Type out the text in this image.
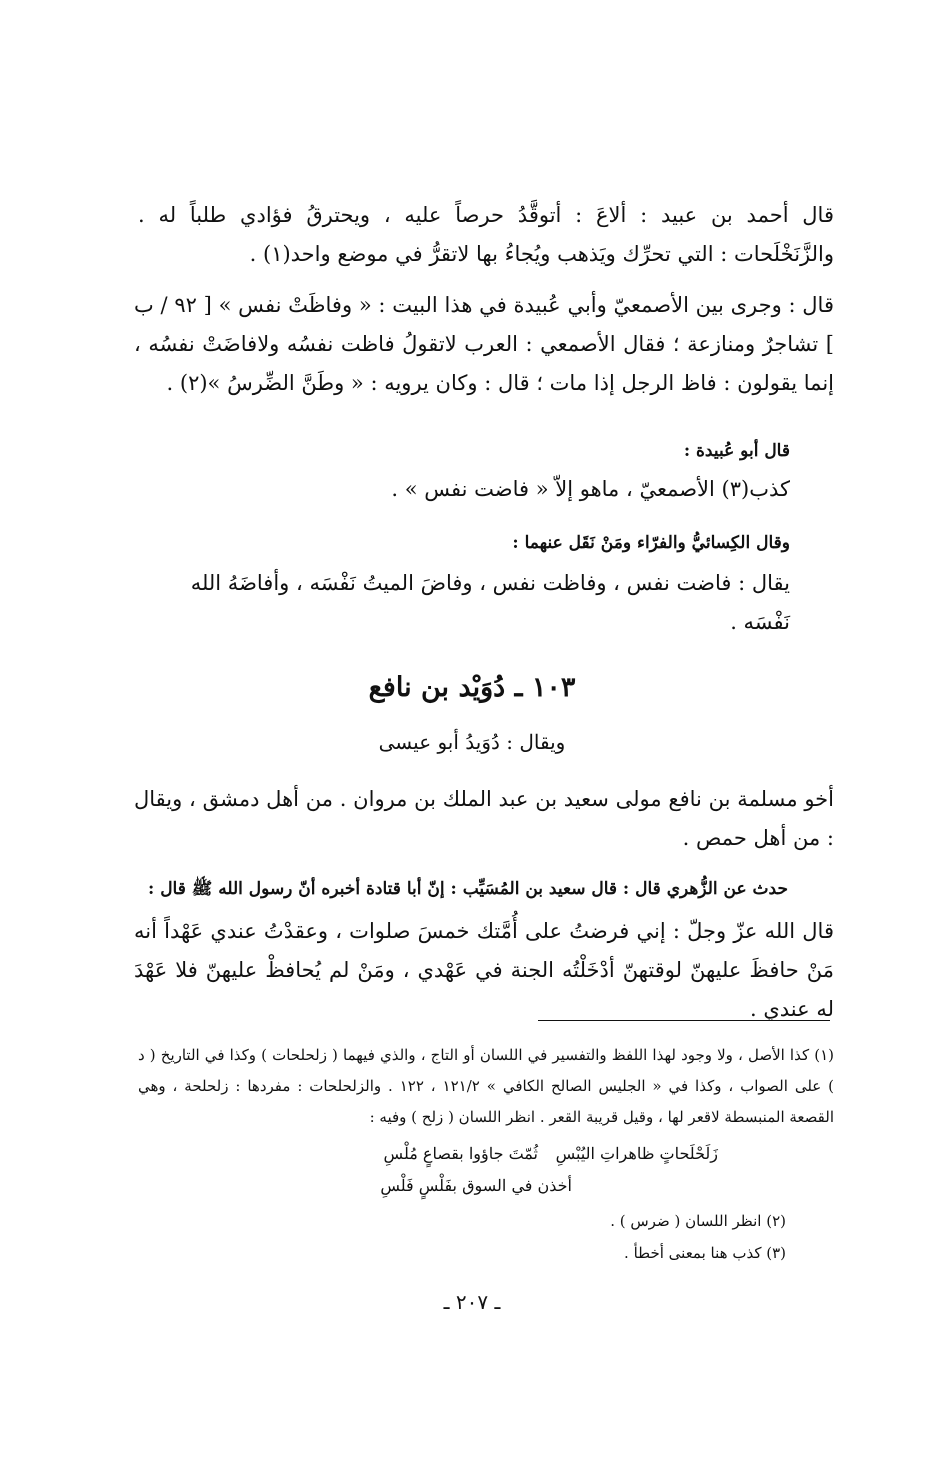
قال أحمد بن عبيد : ألاعَ : أتوقَّدُ حرصاً عليه ، ويحترقُ فؤادي طلباً له . والزَّنَخْلَحات : التي تحرِّك ويَذهب ويُجاءُ بها لاتقرُّ في موضع واحد(١) .

قال : وجرى بين الأصمعيّ وأبي عُبيدة في هذا البيت : « وفاظَتْ نفس » [ ٩٢ / ب ] تشاجرٌ ومنازعة ؛ فقال الأصمعي : العرب لاتقولُ فاظت نفسُه ولافاضَتْ نفسُه ، إنما يقولون : فاظ الرجل إذا مات ؛ قال : وكان يرويه : « وطَنَّ الضِّرسُ »(٢) .

قال أبو عُبيدة :

كذب(٣) الأصمعيّ ، ماهو إلاّ « فاضت نفس » .

وقال الكِسائيُّ والفرّاء ومَنْ نَقَل عنهما :

يقال : فاضت نفس ، وفاظت نفس ، وفاضَ الميتُ نَفْسَه ، وأفاضَهُ الله نَفْسَه .

١٠٣ ـ دُوَيْد بن نافع
ويقال : دُوَيدُ أبو عيسى

أخو مسلمة بن نافع مولى سعيد بن عبد الملك بن مروان . من أهل دمشق ، ويقال : من أهل حمص .

حدث عن الزُّهري قال : قال سعيد بن المُسَيِّب : إنّ أبا قتادة أخبره أنّ رسول الله ﷺ قال :

قال الله عزّ وجلّ : إني فرضتُ على أُمَّتك خمسَ صلوات ، وعقدْتُ عندي عَهْداً أنه مَنْ حافظَ عليهنّ لوقتهنّ أدْخَلْتُه الجنة في عَهْدي ، ومَنْ لم يُحافظْ عليهنّ فلا عَهْدَ له عندي .

(١) كذا الأصل ، ولا وجود لهذا اللفظ والتفسير في اللسان أو التاج ، والذي فيهما ( زلحلحات ) وكذا في التاريخ ( د ) على الصواب ، وكذا في « الجليس الصالح الكافي » ١٢١/٢ ، ١٢٢ . والزلحلحات : مفردها : زلحلحة ، وهي القصعة المنبسطة لاقعر لها ، وقيل قريبة القعر . انظر اللسان ( زلح ) وفيه :

ثُمّتَ جاؤوا بقصاعٍ مُلْسِ زَلَحْلَحاتٍ ظاهراتِ اليُبْسِ
أخذن في السوق بفَلْسٍ فَلْسِ

(٢) انظر اللسان ( ضرس ) .

(٣) كذب هنا بمعنى أخطأ .

ـ ٢٠٧ ـ
